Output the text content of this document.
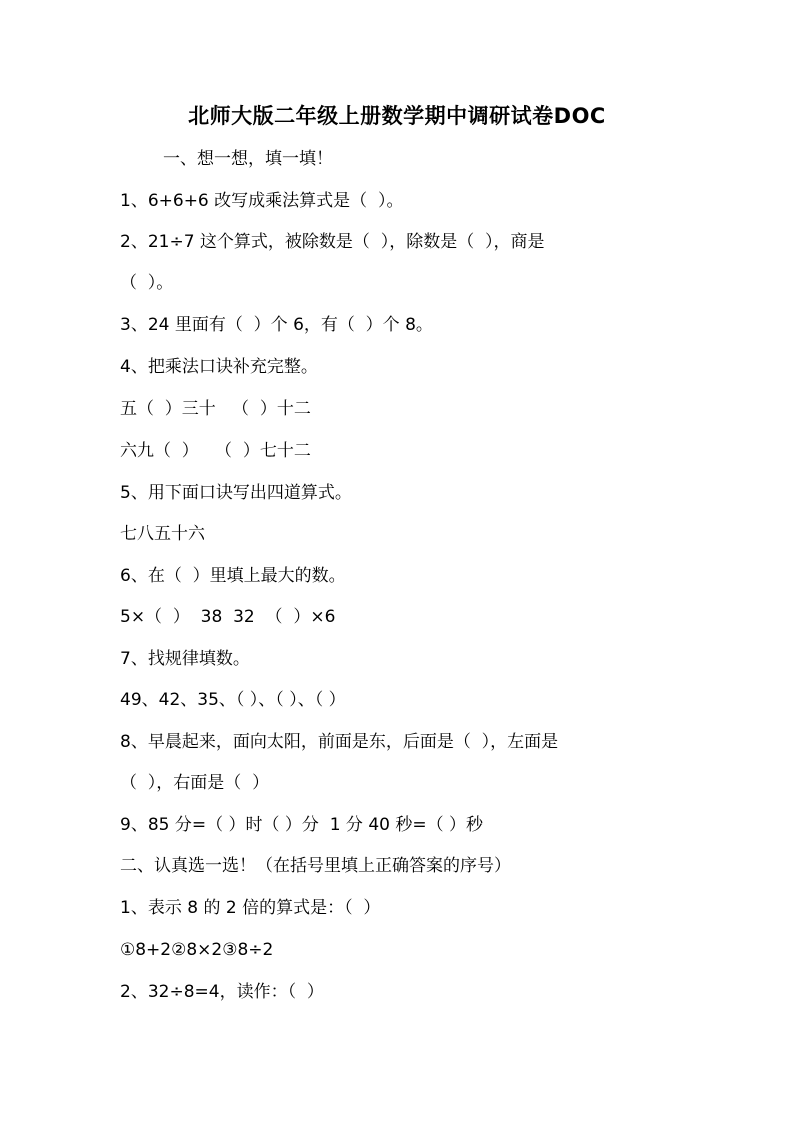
北师大版二年级上册数学期中调研试卷DOC
一、想一想，填一填！
1、6+6+6 改写成乘法算式是（  ）。
2、21÷7 这个算式，被除数是（  ），除数是（  ），商是
（  ）。
3、24 里面有（  ）个 6，有（  ）个 8。
4、把乘法口诀补充完整。
五（  ）三十   （  ）十二
六九（  ）   （  ）七十二
5、用下面口诀写出四道算式。
七八五十六
6、在（  ）里填上最大的数。
5×（  ）  38  32  （  ）×6
7、找规律填数。
49、42、35、（ ）、（ ）、（ ）
8、早晨起来，面向太阳，前面是东，后面是（  ），左面是
（  ），右面是（  ）
9、85 分=（ ）时（ ）分  1 分 40 秒=（ ）秒
二、认真选一选！（在括号里填上正确答案的序号）
1、表示 8 的 2 倍的算式是：（  ）
①8+2②8×2③8÷2
2、32÷8=4，读作：（  ）
